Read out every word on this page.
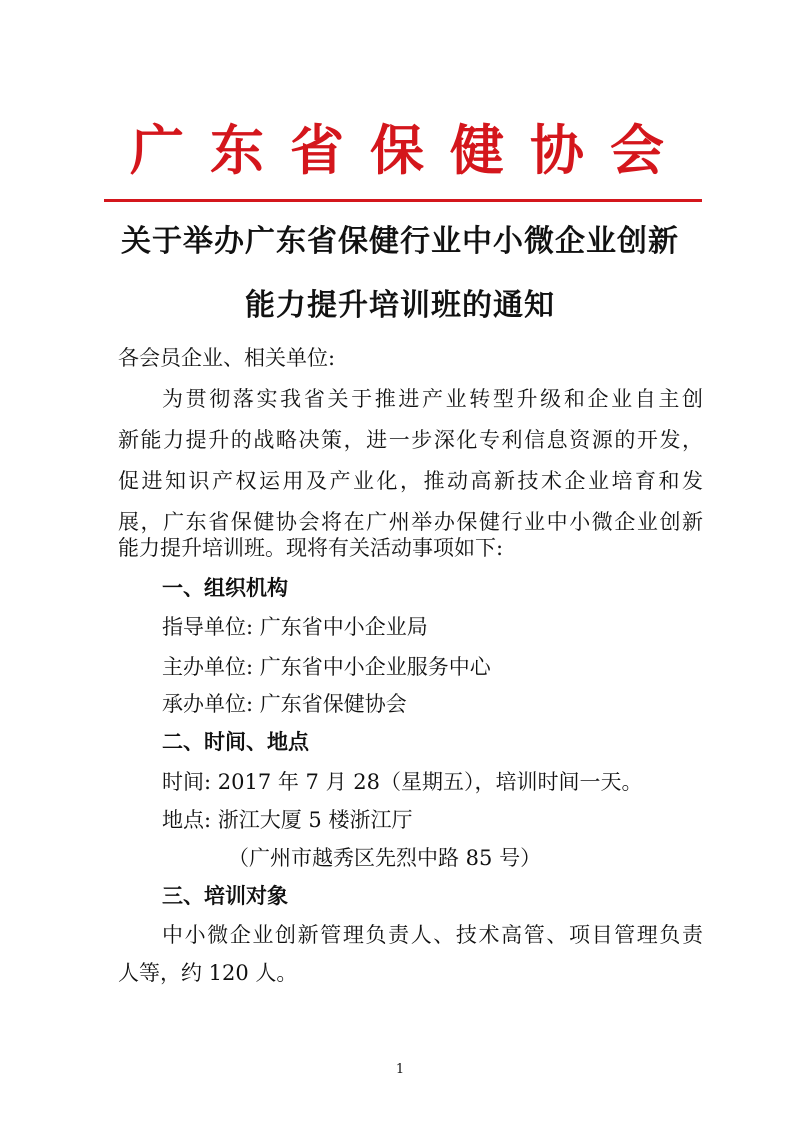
广东省保健协会
关于举办广东省保健行业中小微企业创新
能力提升培训班的通知
各会员企业、相关单位:
为贯彻落实我省关于推进产业转型升级和企业自主创
新能力提升的战略决策，进一步深化专利信息资源的开发，
促进知识产权运用及产业化，推动高新技术企业培育和发
展，广东省保健协会将在广州举办保健行业中小微企业创新
能力提升培训班。现将有关活动事项如下:
一、组织机构
指导单位: 广东省中小企业局
主办单位: 广东省中小企业服务中心
承办单位: 广东省保健协会
二、时间、地点
时间: 2017 年 7 月 28（星期五），培训时间一天。
地点: 浙江大厦 5 楼浙江厅
（广州市越秀区先烈中路 85 号）
三、培训对象
中小微企业创新管理负责人、技术高管、项目管理负责
人等，约 120 人。
1
